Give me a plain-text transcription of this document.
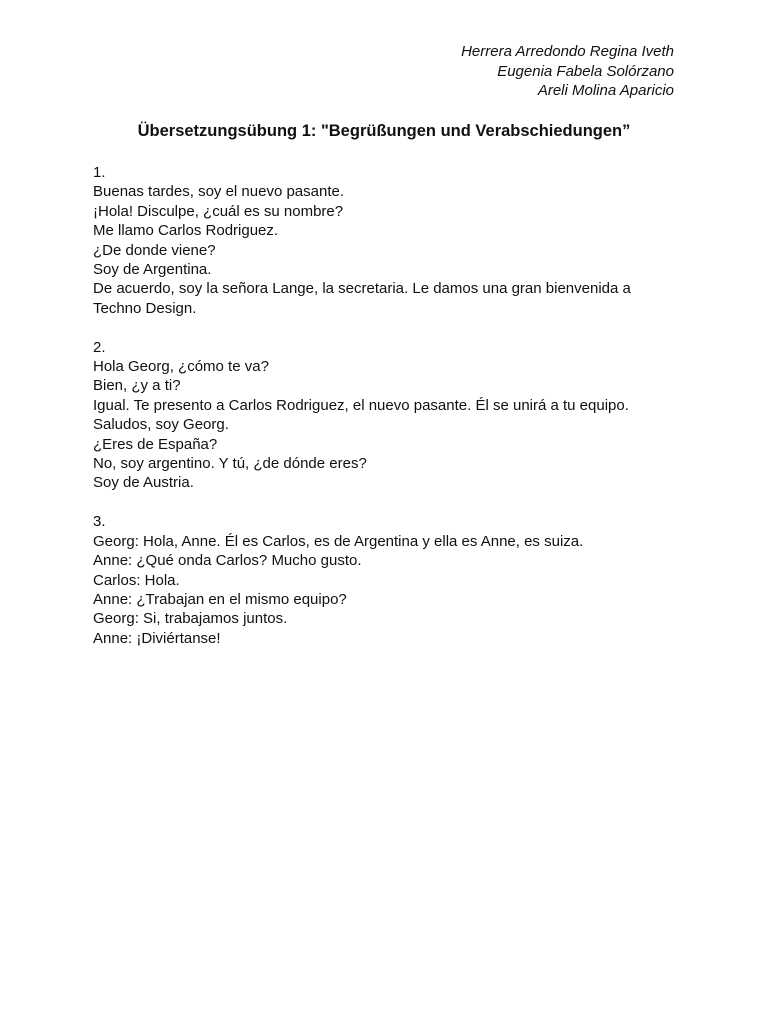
Herrera Arredondo Regina Iveth
Eugenia Fabela Solórzano
Areli Molina Aparicio
Übersetzungsübung 1: "Begrüßungen und Verabschiedungen”
1.
Buenas tardes, soy el nuevo pasante.
¡Hola! Disculpe, ¿cuál es su nombre?
Me llamo Carlos Rodriguez.
¿De donde viene?
Soy de Argentina.
De acuerdo, soy la señora Lange, la secretaria. Le damos una gran bienvenida a
Techno Design.
2.
Hola Georg, ¿cómo te va?
Bien, ¿y a ti?
Igual. Te presento a Carlos Rodriguez, el nuevo pasante. Él se unirá a tu equipo.
Saludos, soy Georg.
¿Eres de España?
No, soy argentino. Y tú, ¿de dónde eres?
Soy de Austria.
3.
Georg: Hola, Anne. Él es Carlos, es de Argentina y ella es Anne, es suiza.
Anne: ¿Qué onda Carlos? Mucho gusto.
Carlos: Hola.
Anne: ¿Trabajan en el mismo equipo?
Georg: Si, trabajamos juntos.
Anne: ¡Diviértanse!
